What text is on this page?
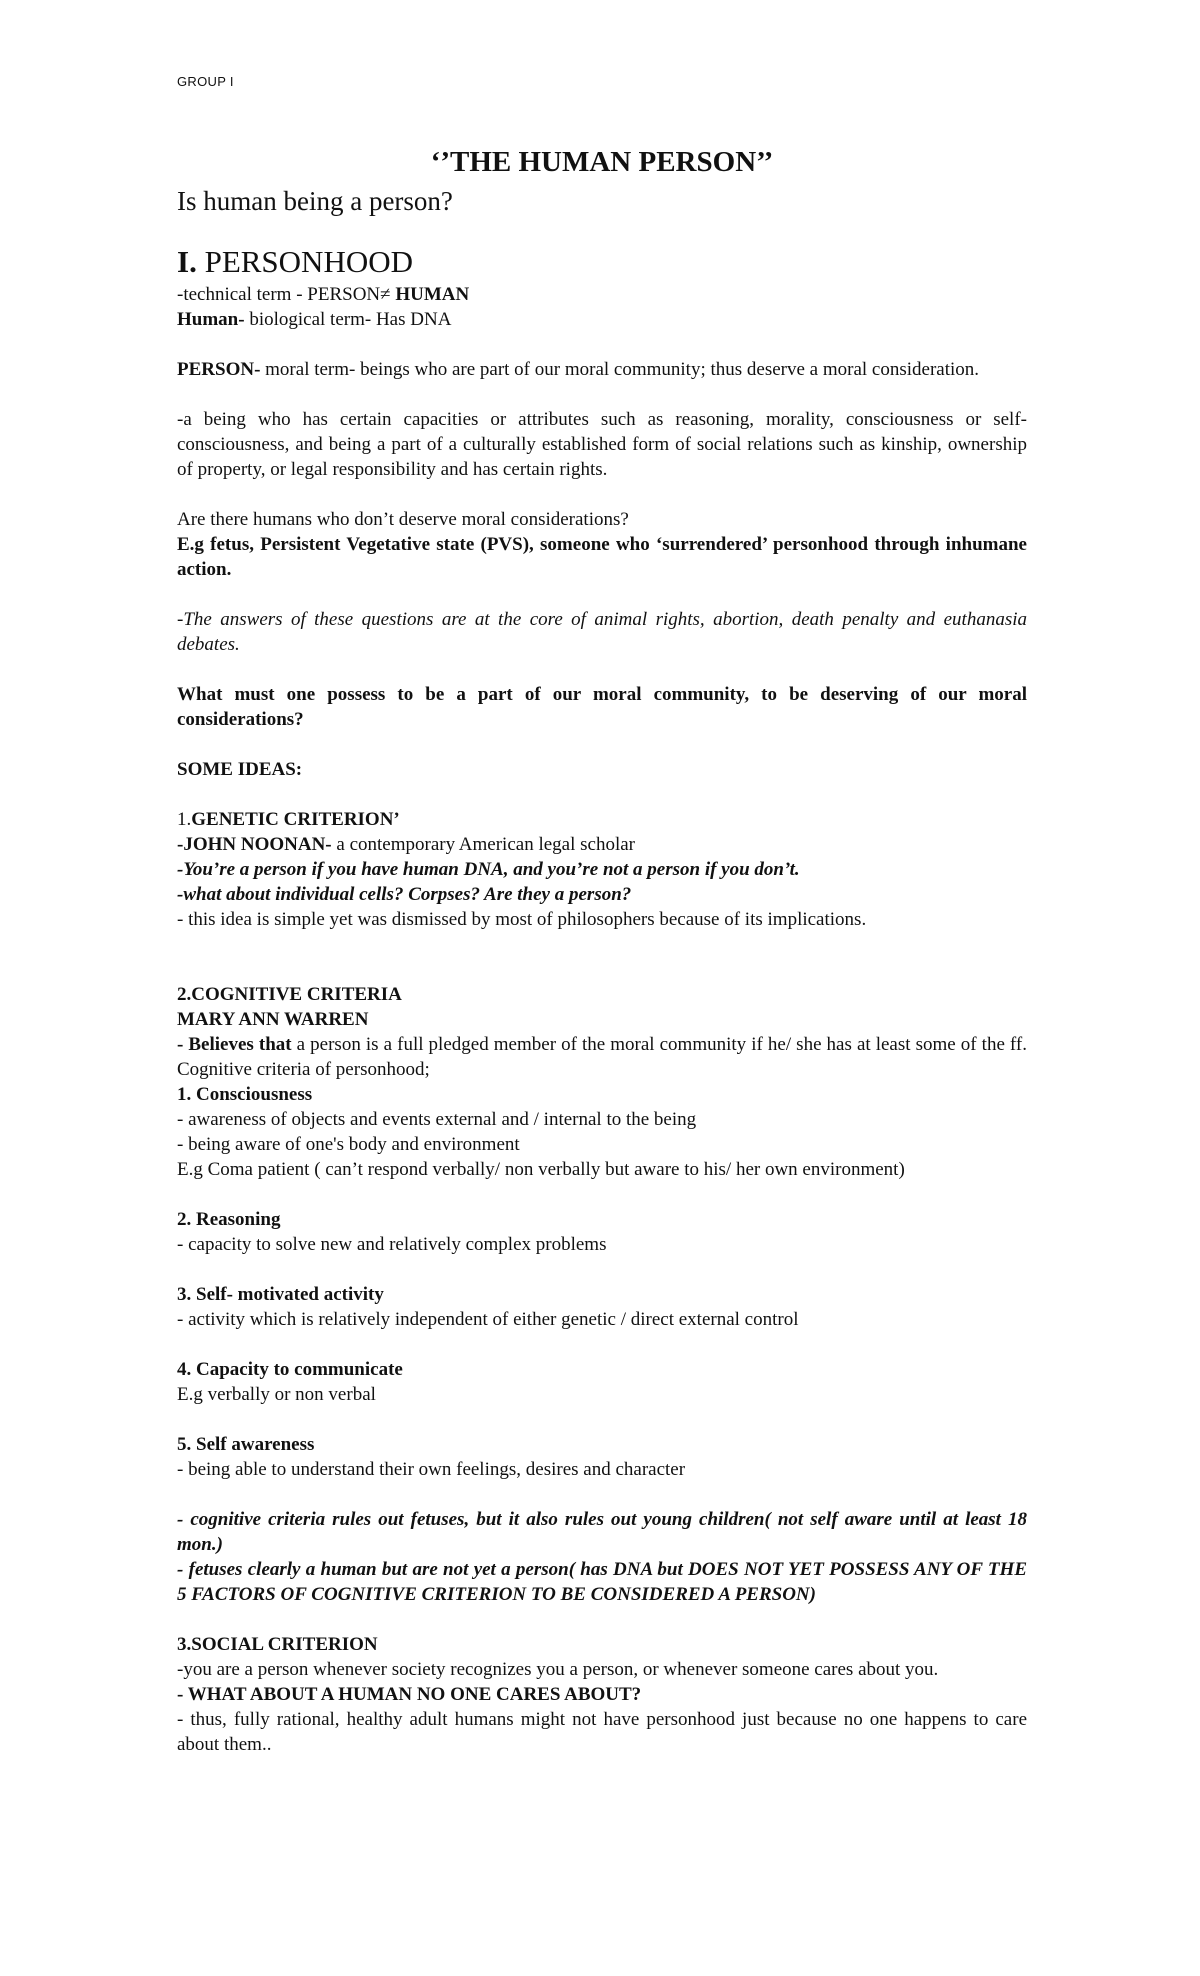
GROUP I
‘’THE HUMAN PERSON’’

Is human being a person?

I. PERSONHOOD

-technical term - PERSON≠ HUMAN

Human- biological term- Has DNA

PERSON- moral term- beings who are part of our moral community; thus deserve a moral consideration.

-a being who has certain capacities or attributes such as reasoning, morality, consciousness or self-consciousness, and being a part of a culturally established form of social relations such as kinship, ownership of property, or legal responsibility and has certain rights.

Are there humans who don’t deserve moral considerations?

E.g fetus, Persistent Vegetative state (PVS), someone who ‘surrendered’ personhood through inhumane action.

-The answers of these questions are at the core of animal rights, abortion, death penalty and euthanasia debates.

What must one possess to be a part of our moral community, to be deserving of our moral considerations?

SOME IDEAS:

1.GENETIC CRITERION’

-JOHN NOONAN- a contemporary American legal scholar

-You’re a person if you have human DNA, and you’re not a person if you don’t.

-what about individual cells? Corpses? Are they a person?

- this idea is simple yet was dismissed by most of philosophers because of its implications.

2.COGNITIVE CRITERIA

MARY ANN WARREN

- Believes that a person is a full pledged member of the moral community if he/ she has at least some of the ff. Cognitive criteria of personhood;

1. Consciousness

- awareness of objects and events external and / internal to the being

- being aware of one's body and environment

E.g Coma patient ( can’t respond verbally/ non verbally but aware to his/ her own environment)

2. Reasoning

- capacity to solve new and relatively complex problems

3. Self- motivated activity

- activity which is relatively independent of either genetic / direct external control

4. Capacity to communicate

E.g verbally or non verbal

5. Self awareness

- being able to understand their own feelings, desires and character

- cognitive criteria rules out fetuses, but it also rules out young children( not self aware until at least 18 mon.)

- fetuses clearly a human but are not yet a person( has DNA but DOES NOT YET POSSESS ANY OF THE 5 FACTORS OF COGNITIVE CRITERION TO BE CONSIDERED A PERSON)

3.SOCIAL CRITERION

-you are a person whenever society recognizes you a person, or whenever someone cares about you.

- WHAT ABOUT A HUMAN NO ONE CARES ABOUT?

- thus, fully rational, healthy adult humans might not have personhood just because no one happens to care about them..
